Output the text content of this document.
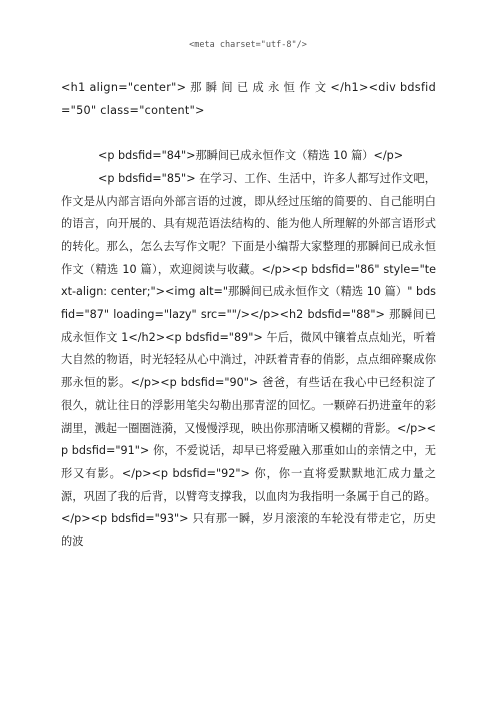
<meta charset="utf-8"/>

<h1 align="center"> 那 瞬 间 已 成 永 恒 作 文 </h1><div bdsfid="50" class="content">

<p bdsfid="84">那瞬间已成永恒作文（精选 10 篇）</p>

<p bdsfid="85"> 在学习、工作、生活中，许多人都写过作文吧，作文是从内部言语向外部言语的过渡，即从经过压缩的简要的、自己能明白的语言，向开展的、具有规范语法结构的、能为他人所理解的外部言语形式的转化。那么，怎么去写作文呢？下面是小编帮大家整理的那瞬间已成永恒作文（精选 10 篇），欢迎阅读与收藏。</p><p bdsfid="86" style="text-align: center;"><img alt="那瞬间已成永恒作文（精选 10 篇）" bdsfid="87" loading="lazy" src=""/></p><h2 bdsfid="88"> 那瞬间已成永恒作文 1</h2><p bdsfid="89"> 午后，微风中镶着点点灿光，听着大自然的物语，时光轻轻从心中淌过，冲跃着青春的俏影，点点细碎聚成你那永恒的影。</p><p bdsfid="90"> 爸爸，有些话在我心中已经积淀了很久，就让往日的浮影用笔尖勾勒出那青涩的回忆。一颗碎石扔进童年的彩湖里，溅起一圈圈涟漪，又慢慢浮现，映出你那清晰又模糊的背影。</p><p bdsfid="91"> 你，不爱说话，却早已将爱融入那重如山的亲情之中，无形又有影。</p><p bdsfid="92"> 你，你一直将爱默默地汇成力量之源，巩固了我的后背，以臂弯支撑我，以血肉为我指明一条属于自己的路。</p><p bdsfid="93"> 只有那一瞬，岁月滚滚的车轮没有带走它，历史的波
